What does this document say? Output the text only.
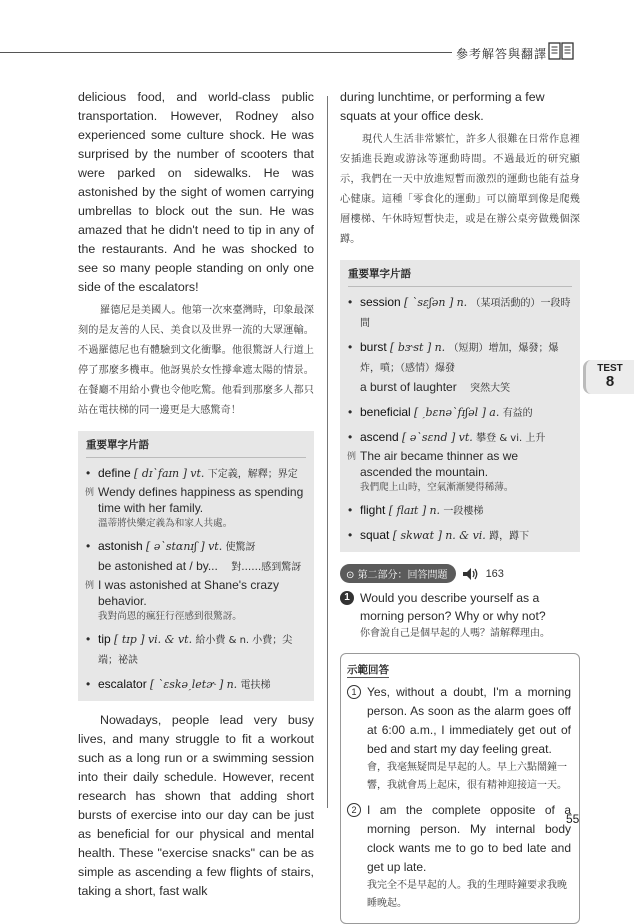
參考解答與翻譯

delicious food, and world-class public transportation. However, Rodney also experienced some culture shock. He was surprised by the number of scooters that were parked on sidewalks. He was astonished by the sight of women carrying umbrellas to block out the sun. He was amazed that he didn't need to tip in any of the restaurants. And he was shocked to see so many people standing on only one side of the escalators!

羅德尼是美國人。他第一次來臺灣時，印象最深刻的是友善的人民、美食以及世界一流的大眾運輸。不過羅德尼也有體驗到文化衝擊。他很驚訝人行道上停了那麼多機車。他訝異於女性撐傘遮太陽的情景。在餐廳不用給小費也令他吃驚。他看到那麼多人都只站在電扶梯的同一邊更是大感驚奇！

重要單字片語
• define [ dɪˋfaɪn ] vt. 下定義，解釋；界定
例 Wendy defines happiness as spending time with her family.
溫蒂將快樂定義為和家人共處。
• astonish [ əˋstɑnɪʃ ] vt. 使驚訝
be astonished at / by... 對……感到驚訝
例 I was astonished at Shane's crazy behavior.
我對尚恩的瘋狂行徑感到很驚訝。
• tip [ tɪp ] vi. & vt. 給小費 & n. 小費；尖端；祕訣
• escalator [ ˋɛskəˏletɚ ] n. 電扶梯

Nowadays, people lead very busy lives, and many struggle to fit a workout such as a long run or a swimming session into their daily schedule. However, recent research has shown that adding short bursts of exercise into our day can be just as beneficial for our physical and mental health. These "exercise snacks" can be as simple as ascending a few flights of stairs, taking a short, fast walk

during lunchtime, or performing a few squats at your office desk.

現代人生活非常繁忙，許多人很難在日常作息裡安插進長跑或游泳等運動時間。不過最近的研究顯示，我們在一天中放進短暫而激烈的運動也能有益身心健康。這種「零食化的運動」可以簡單到像是爬幾層樓梯、午休時短暫快走，或是在辦公桌旁做幾個深蹲。

重要單字片語
• session [ ˋsɛʃən ] n. （某項活動的）一段時間
• burst [ bɝst ] n. （短期）增加，爆發；爆炸，噴；（感情）爆發
a burst of laughter 突然大笑
• beneficial [ ˏbɛnəˋfɪʃəl ] a. 有益的
• ascend [ əˋsɛnd ] vt. 攀登 & vi. 上升
例 The air became thinner as we ascended the mountain.
我們爬上山時，空氣漸漸變得稀薄。
• flight [ flaɪt ] n. 一段樓梯
• squat [ skwɑt ] n. & vi. 蹲，蹲下
⊙ 第二部分：回答問題	163
1 Would you describe yourself as a morning person? Why or why not?
你會說自己是個早起的人嗎？請解釋理由。
示範回答
1 Yes, without a doubt, I'm a morning person. As soon as the alarm goes off at 6:00 a.m., I immediately get out of bed and start my day feeling great.
會，我毫無疑問是早起的人。早上六點鬧鐘一響，我就會馬上起床，很有精神迎接這一天。
2 I am the complete opposite of a morning person. My internal body clock wants me to go to bed late and get up late.
我完全不是早起的人。我的生理時鐘要求我晚睡晚起。
TEST
8
55
